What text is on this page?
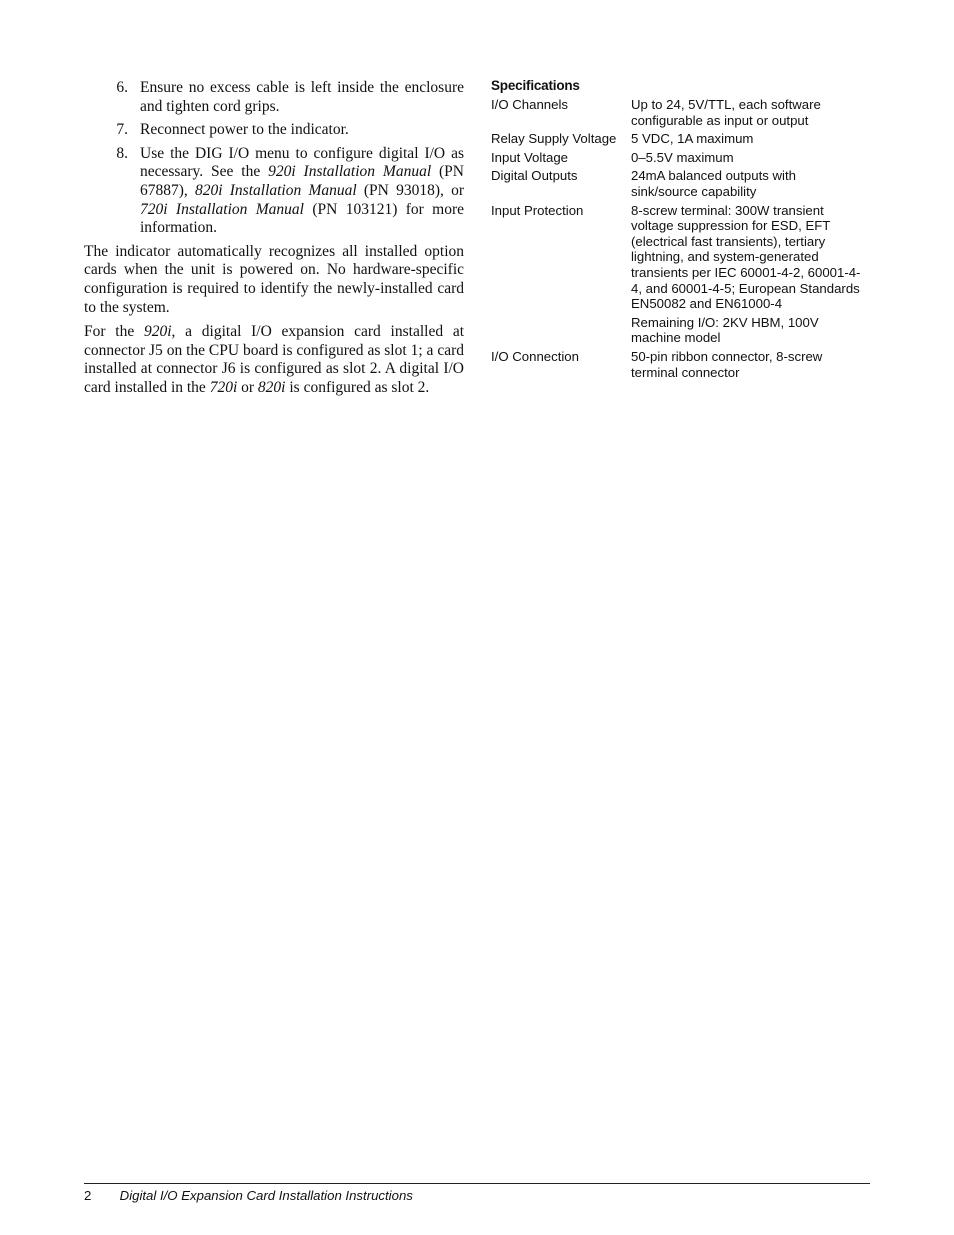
6. Ensure no excess cable is left inside the enclosure and tighten cord grips.
7. Reconnect power to the indicator.
8. Use the DIG I/O menu to configure digital I/O as necessary. See the 920i Installation Manual (PN 67887), 820i Installation Manual (PN 93018), or 720i Installation Manual (PN 103121) for more information.

The indicator automatically recognizes all installed option cards when the unit is powered on. No hardware-specific configuration is required to identify the newly-installed card to the system.

For the 920i, a digital I/O expansion card installed at connector J5 on the CPU board is configured as slot 1; a card installed at connector J6 is configured as slot 2. A digital I/O card installed in the 720i or 820i is configured as slot 2.

Specifications
I/O Channels	Up to 24, 5V/TTL, each software configurable as input or output

Relay Supply Voltage	5 VDC, 1A maximum

Input Voltage	0–5.5V maximum

Digital Outputs	24mA balanced outputs with sink/source capability

Input Protection	8-screw terminal: 300W transient voltage suppression for ESD, EFT (electrical fast transients), tertiary lightning, and system-generated transients per IEC 60001-4-2, 60001-4-4, and 60001-4-5; European Standards EN50082 and EN61000-4
Remaining I/O: 2KV HBM, 100V machine model

I/O Connection	50-pin ribbon connector, 8-screw terminal connector
2 Digital I/O Expansion Card Installation Instructions
